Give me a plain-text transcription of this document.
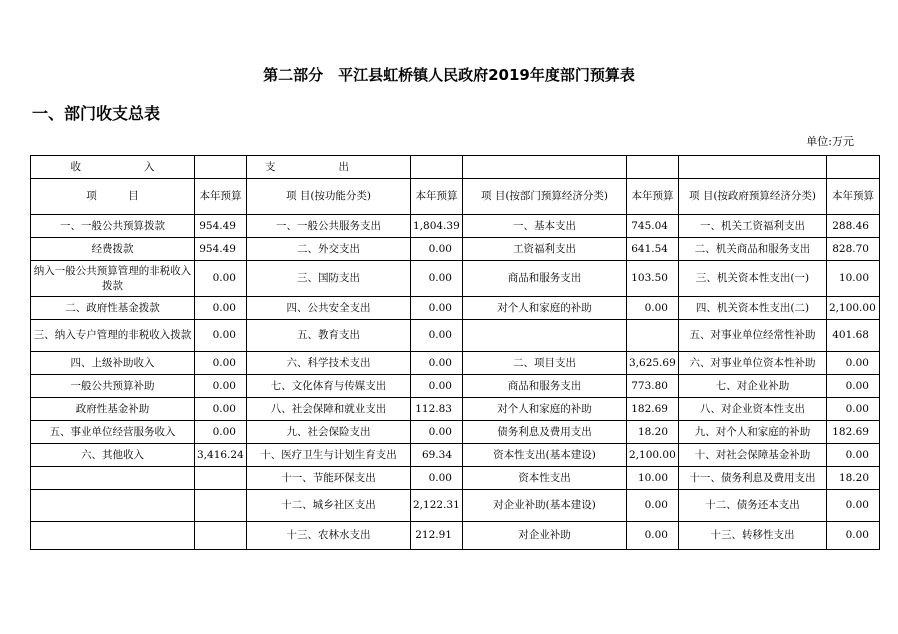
第二部分　平江县虹桥镇人民政府2019年度部门预算表
一、部门收支总表
单位:万元
收　　　　　　入		支　　　　　　出					
项　　　目	本年预算	项 目(按功能分类)	本年预算	项 目(按部门预算经济分类)	本年预算	项 目(按政府预算经济分类)	本年预算
一、一般公共预算拨款	954.49	一、一般公共服务支出	1,804.39	一、基本支出	745.04	一、机关工资福利支出	288.46
经费拨款	954.49	二、外交支出	0.00	工资福利支出	641.54	二、机关商品和服务支出	828.70
纳入一般公共预算管理的非税收入拨款	0.00	三、国防支出	0.00	商品和服务支出	103.50	三、机关资本性支出(一)	10.00
二、政府性基金拨款	0.00	四、公共安全支出	0.00	对个人和家庭的补助	0.00	四、机关资本性支出(二)	2,100.00
三、纳入专户管理的非税收入拨款	0.00	五、教育支出	0.00			五、对事业单位经常性补助	401.68
四、上级补助收入	0.00	六、科学技术支出	0.00	二、项目支出	3,625.69	六、对事业单位资本性补助	0.00
一般公共预算补助	0.00	七、文化体育与传媒支出	0.00	商品和服务支出	773.80	七、对企业补助	0.00
政府性基金补助	0.00	八、社会保障和就业支出	112.83	对个人和家庭的补助	182.69	八、对企业资本性支出	0.00
五、事业单位经营服务收入	0.00	九、社会保险支出	0.00	债务利息及费用支出	18.20	九、对个人和家庭的补助	182.69
六、其他收入	3,416.24	十、医疗卫生与计划生育支出	69.34	资本性支出(基本建设)	2,100.00	十、对社会保障基金补助	0.00
		十一、节能环保支出	0.00	资本性支出	10.00	十一、债务利息及费用支出	18.20
		十二、城乡社区支出	2,122.31	对企业补助(基本建设)	0.00	十二、债务还本支出	0.00
		十三、农林水支出	212.91	对企业补助	0.00	十三、转移性支出	0.00
